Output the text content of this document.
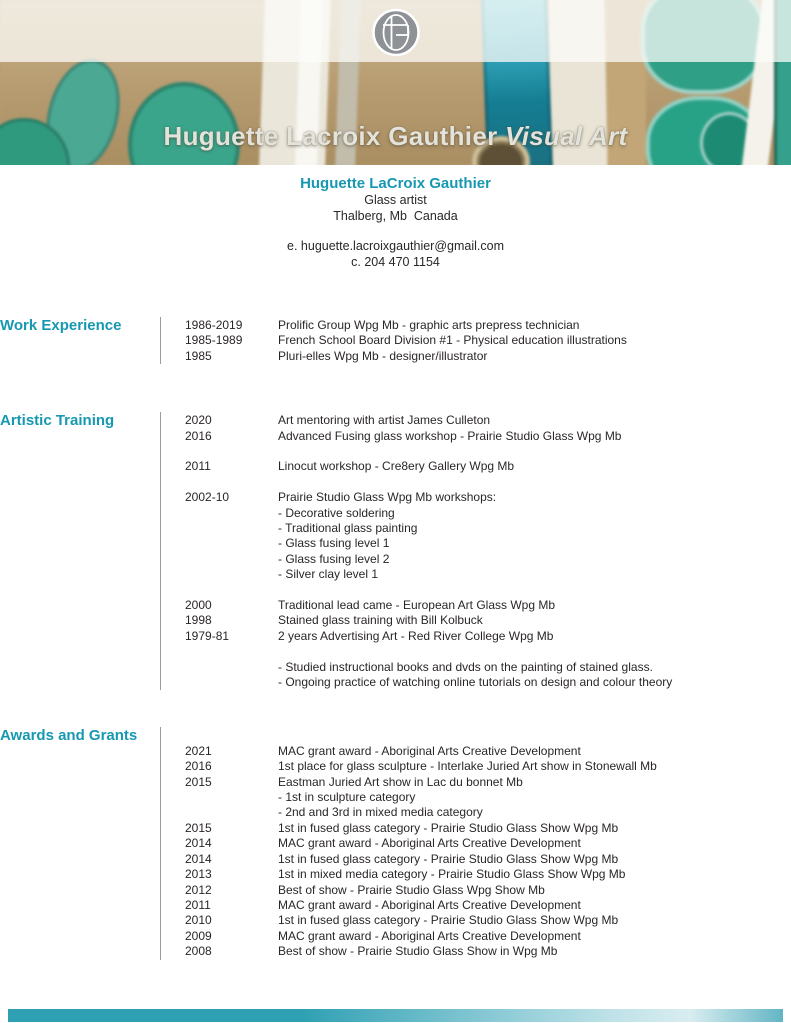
Huguette Lacroix Gauthier Visual Art
Huguette LaCroix Gauthier
Glass artist
Thalberg, Mb  Canada
e. huguette.lacroixgauthier@gmail.com
c. 204 470 1154
Work Experience	1986-2019	Prolific Group Wpg Mb - graphic arts prepress technician
1985-1989	French School Board Division #1 - Physical education illustrations
1985	Pluri-elles Wpg Mb - designer/illustrator
Artistic Training	2020	Art mentoring with artist James Culleton
2016	Advanced Fusing glass workshop - Prairie Studio Glass Wpg Mb
2011	Linocut workshop - Cre8ery Gallery Wpg Mb
2002-10	Prairie Studio Glass Wpg Mb workshops:
- Decorative soldering
- Traditional glass painting
- Glass fusing level 1
- Glass fusing level 2
- Silver clay level 1
2000	Traditional lead came - European Art Glass Wpg Mb
1998	Stained glass training with Bill Kolbuck
1979-81	2 years Advertising Art - Red River College Wpg Mb
- Studied instructional books and dvds on the painting of stained glass.
- Ongoing practice of watching online tutorials on design and colour theory
Awards and Grants
2021	MAC grant award - Aboriginal Arts Creative Development
2016	1st place for glass sculpture - Interlake Juried Art show in Stonewall Mb
2015	Eastman Juried Art show in Lac du bonnet Mb
- 1st in sculpture category
- 2nd and 3rd in mixed media category
2015	1st in fused glass category - Prairie Studio Glass Show Wpg Mb
2014	MAC grant award - Aboriginal Arts Creative Development
2014	1st in fused glass category - Prairie Studio Glass Show Wpg Mb
2013	1st in mixed media category - Prairie Studio Glass Show Wpg Mb
2012	Best of show - Prairie Studio Glass Wpg Show Mb
2011	MAC grant award - Aboriginal Arts Creative Development
2010	1st in fused glass category - Prairie Studio Glass Show Wpg Mb
2009	MAC grant award - Aboriginal Arts Creative Development
2008	Best of show - Prairie Studio Glass Show in Wpg Mb
